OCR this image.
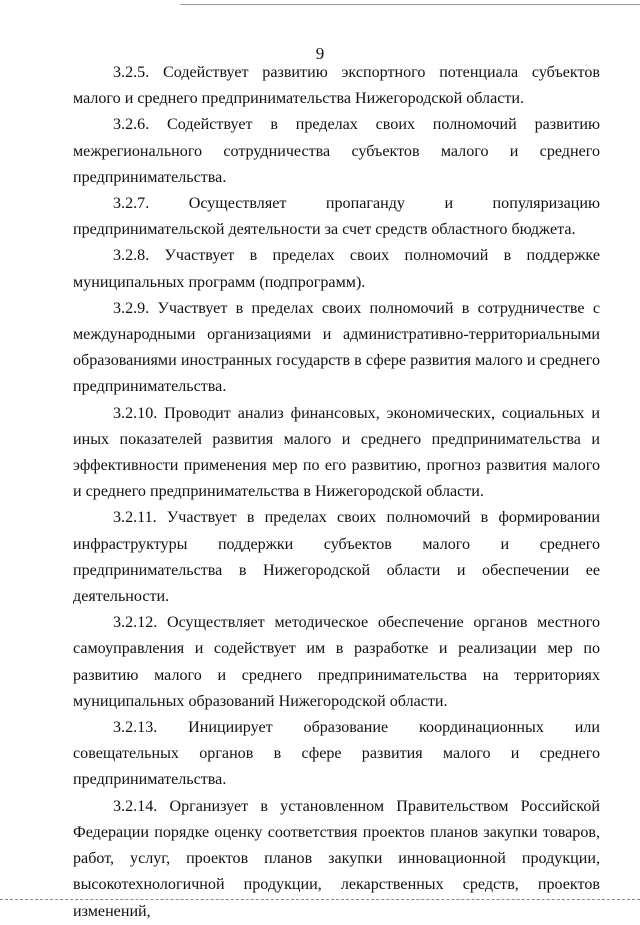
9

3.2.5. Содействует развитию экспортного потенциала субъектов малого и среднего предпринимательства Нижегородской области.

3.2.6. Содействует в пределах своих полномочий развитию межрегионального сотрудничества субъектов малого и среднего предпринимательства.

3.2.7. Осуществляет пропаганду и популяризацию предпринимательской деятельности за счет средств областного бюджета.

3.2.8. Участвует в пределах своих полномочий в поддержке муниципальных программ (подпрограмм).

3.2.9. Участвует в пределах своих полномочий в сотрудничестве с международными организациями и административно-территориальными образованиями иностранных государств в сфере развития малого и среднего предпринимательства.

3.2.10. Проводит анализ финансовых, экономических, социальных и иных показателей развития малого и среднего предпринимательства и эффективности применения мер по его развитию, прогноз развития малого и среднего предпринимательства в Нижегородской области.

3.2.11. Участвует в пределах своих полномочий в формировании инфраструктуры поддержки субъектов малого и среднего предпринимательства в Нижегородской области и обеспечении ее деятельности.

3.2.12. Осуществляет методическое обеспечение органов местного самоуправления и содействует им в разработке и реализации мер по развитию малого и среднего предпринимательства на территориях муниципальных образований Нижегородской области.

3.2.13. Инициирует образование координационных или совещательных органов в сфере развития малого и среднего предпринимательства.

3.2.14. Организует в установленном Правительством Российской Федерации порядке оценку соответствия проектов планов закупки товаров, работ, услуг, проектов планов закупки инновационной продукции, высокотехнологичной продукции, лекарственных средств, проектов изменений,
